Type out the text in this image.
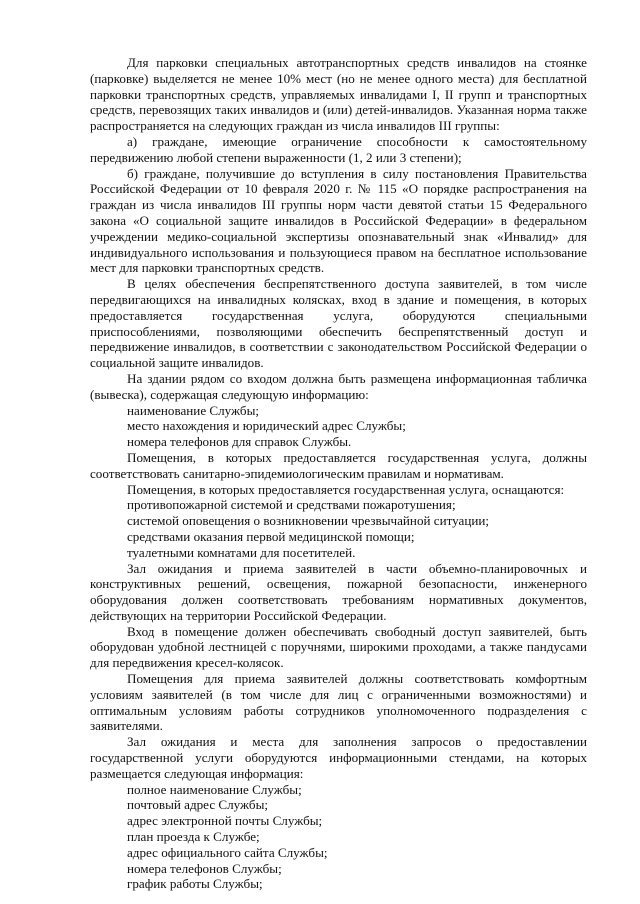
Для парковки специальных автотранспортных средств инвалидов на стоянке (парковке) выделяется не менее 10% мест (но не менее одного места) для бесплатной парковки транспортных средств, управляемых инвалидами I, II групп и транспортных средств, перевозящих таких инвалидов и (или) детей-инвалидов. Указанная норма также распространяется на следующих граждан из числа инвалидов III группы:

а) граждане, имеющие ограничение способности к самостоятельному передвижению любой степени выраженности (1, 2 или 3 степени);

б) граждане, получившие до вступления в силу постановления Правительства Российской Федерации от 10 февраля 2020 г. № 115 «О порядке распространения на граждан из числа инвалидов III группы норм части девятой статьи 15 Федерального закона «О социальной защите инвалидов в Российской Федерации» в федеральном учреждении медико-социальной экспертизы опознавательный знак «Инвалид» для индивидуального использования и пользующиеся правом на бесплатное использование мест для парковки транспортных средств.

В целях обеспечения беспрепятственного доступа заявителей, в том числе передвигающихся на инвалидных колясках, вход в здание и помещения, в которых предоставляется государственная услуга, оборудуются специальными приспособлениями, позволяющими обеспечить беспрепятственный доступ и передвижение инвалидов, в соответствии с законодательством Российской Федерации о социальной защите инвалидов.

На здании рядом со входом должна быть размещена информационная табличка (вывеска), содержащая следующую информацию:

наименование Службы;

место нахождения и юридический адрес Службы;

номера телефонов для справок Службы.

Помещения, в которых предоставляется государственная услуга, должны соответствовать санитарно-эпидемиологическим правилам и нормативам.

Помещения, в которых предоставляется государственная услуга, оснащаются:

противопожарной системой и средствами пожаротушения;

системой оповещения о возникновении чрезвычайной ситуации;

средствами оказания первой медицинской помощи;

туалетными комнатами для посетителей.

Зал ожидания и приема заявителей в части объемно-планировочных и конструктивных решений, освещения, пожарной безопасности, инженерного оборудования должен соответствовать требованиям нормативных документов, действующих на территории Российской Федерации.

Вход в помещение должен обеспечивать свободный доступ заявителей, быть оборудован удобной лестницей с поручнями, широкими проходами, а также пандусами для передвижения кресел-колясок.

Помещения для приема заявителей должны соответствовать комфортным условиям заявителей (в том числе для лиц с ограниченными возможностями) и оптимальным условиям работы сотрудников уполномоченного подразделения с заявителями.

Зал ожидания и места для заполнения запросов о предоставлении государственной услуги оборудуются информационными стендами, на которых размещается следующая информация:

полное наименование Службы;

почтовый адрес Службы;

адрес электронной почты Службы;

план проезда к Службе;

адрес официального сайта Службы;

номера телефонов Службы;

график работы Службы;
